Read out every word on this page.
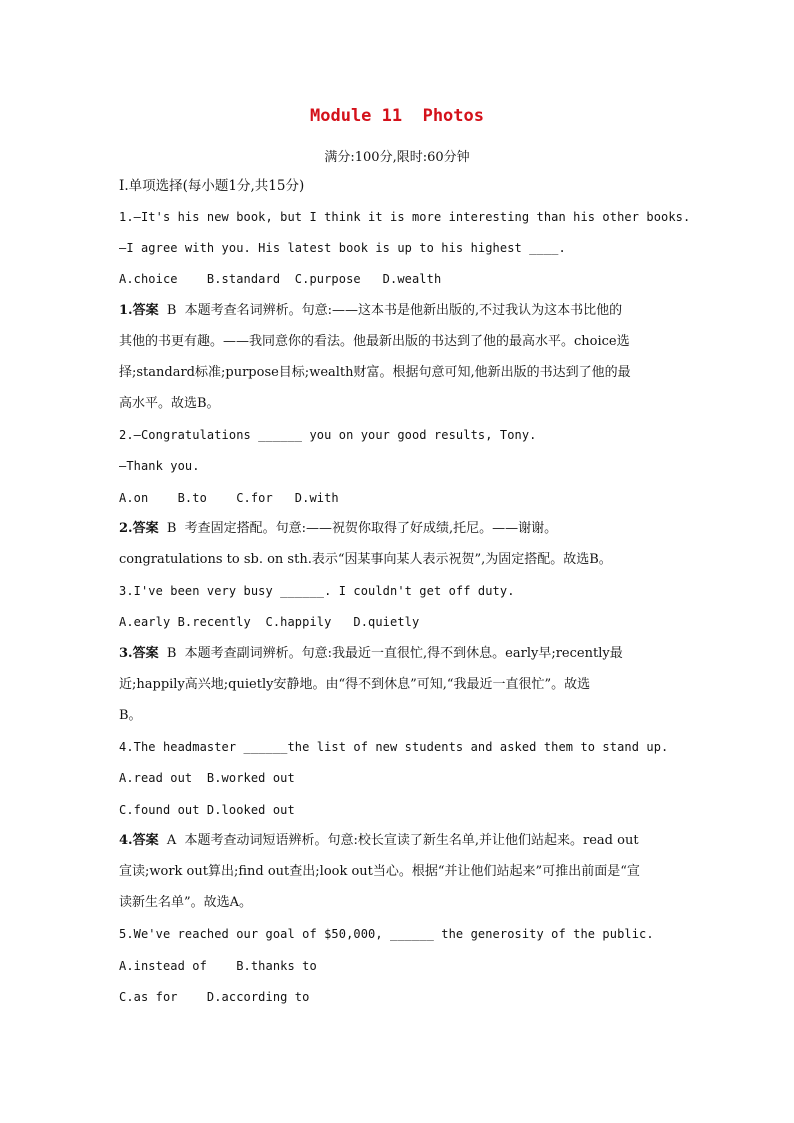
Module 11  Photos
满分:100分,限时:60分钟
Ⅰ.单项选择(每小题1分,共15分)
1.—It's his new book, but I think it is more interesting than his other books.
—I agree with you. His latest book is up to his highest ____.
A.choice    B.standard  C.purpose   D.wealth
1.答案  B  本题考查名词辨析。句意:——这本书是他新出版的,不过我认为这本书比他的
其他的书更有趣。——我同意你的看法。他最新出版的书达到了他的最高水平。choice选
择;standard标准;purpose目标;wealth财富。根据句意可知,他新出版的书达到了他的最
高水平。故选B。
2.—Congratulations ______ you on your good results, Tony.
—Thank you.
A.on    B.to    C.for   D.with
2.答案  B  考查固定搭配。句意:——祝贺你取得了好成绩,托尼。——谢谢。
congratulations to sb. on sth.表示“因某事向某人表示祝贺”,为固定搭配。故选B。
3.I've been very busy ______. I couldn't get off duty.
A.early B.recently  C.happily   D.quietly
3.答案  B  本题考查副词辨析。句意:我最近一直很忙,得不到休息。early早;recently最
近;happily高兴地;quietly安静地。由“得不到休息”可知,“我最近一直很忙”。故选
B。
4.The headmaster ______the list of new students and asked them to stand up.
A.read out  B.worked out
C.found out D.looked out
4.答案  A  本题考查动词短语辨析。句意:校长宣读了新生名单,并让他们站起来。read out
宣读;work out算出;find out查出;look out当心。根据“并让他们站起来”可推出前面是“宣
读新生名单”。故选A。
5.We've reached our goal of $50,000, ______ the generosity of the public.
A.instead of    B.thanks to
C.as for    D.according to
